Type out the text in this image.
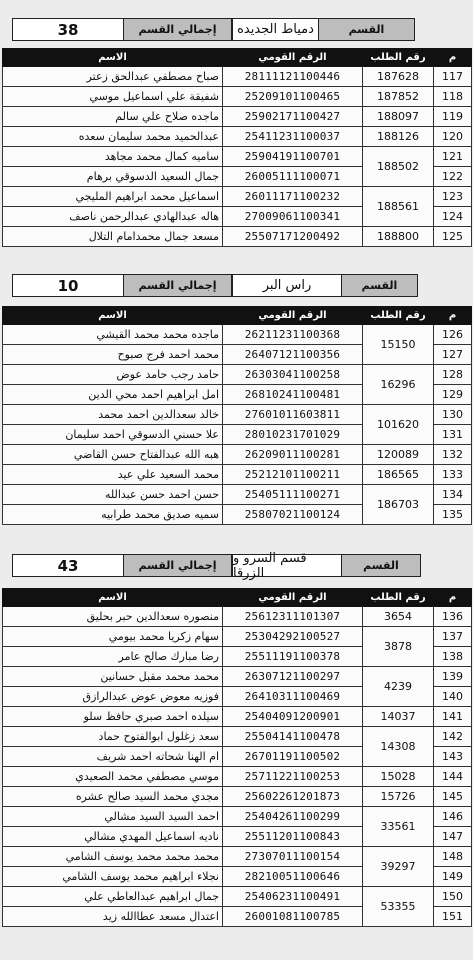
القسم
دمياط الجديده
إجمالي القسم
38
م	رقم الطلب	الرقم القومي	الاسم
117	187628	28111121100446	صباح مصطفي عبدالحق زعتر
118	187852	25209101100465	شفيقة علي اسماعيل موسي
119	188097	25902171100427	ماجده صلاح علي سالم
120	188126	25411231100037	عبدالحميد محمد سليمان سعده
121	188502	25904191100701	ساميه كمال محمد مجاهد
122		26005111100071	جمال السعيد الدسوقي برهام
123	188561	26011171100232	اسماعيل محمد ابراهيم المليجي
124		27009061100341	هاله عبدالهادي عبدالرحمن ناصف
125	188800	25507171200492	مسعد جمال محمدامام التلال
القسم
راس البر
إجمالي القسم
10
م	رقم الطلب	الرقم القومي	الاسم
126	15150	26211231100368	ماجده محمد محمد القيشي
127		26407121100356	محمد احمد فرج صبوح
128	16296	26303041100258	حامد رجب حامد عوض
129		26810241100481	امل ابراهيم احمد محي الدين
130	101620	27601011603811	خالد سعدالدين احمد محمد
131		28010231701029	علا حسني الدسوقي احمد سليمان
132	120089	26209011100281	هبه الله عبدالفتاح حسن القاضي
133	186565	25212101100211	محمد السعيد علي عيد
134	186703	25405111100271	حسن احمد حسن عبدالله
135		25807021100124	سميه صديق محمد طرابيه
القسم
قسم السرو و الزرقا
إجمالي القسم
43
م	رقم الطلب	الرقم القومي	الاسم
136	3654	25612311101307	منصوره سعدالدين حبر بحليق
137	3878	25304292100527	سهام زكريا محمد بيومي
138		25511191100378	رضا مبارك صالح عامر
139	4239	26307121100297	محمد محمد مقبل حسانين
140		26410311100469	فوزيه معوض عوض عبدالرازق
141	14037	25404091200901	سيلده احمد صبري حافظ سلو
142	14308	25504141100478	سعد زغلول ابوالفتوح حماد
143		26701191100502	ام الهنا شحاته احمد شريف
144	15028	25711221100253	موسي مصطفي محمد الصعيدي
145	15726	25602261201873	مجدي محمد السيد صالح عشره
146	33561	25404261100299	احمد السيد السيد مشالي
147		25511201100843	ناديه اسماعيل المهدي مشالي
148	39297	27307011100154	محمد محمد محمد يوسف الشامي
149		28210051100646	نجلاء ابراهيم محمد يوسف الشامي
150	53355	25406231100491	جمال ابراهيم عبدالعاطي علي
151		26001081100785	اعتدال مسعد عطاالله زيد
